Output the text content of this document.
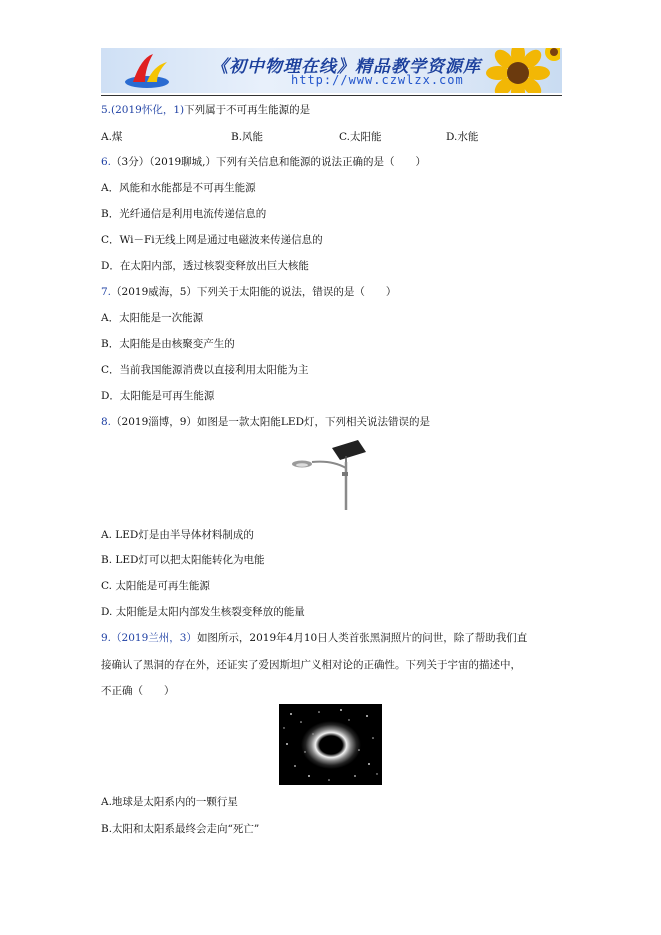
《初中物理在线》精品教学资源库
http://www.czwlzx.com
5.(2019怀化，1)下列属于不可再生能源的是
A.煤	B.风能	C.太阳能	D.水能
6.（3分）（2019聊城,）下列有关信息和能源的说法正确的是（　　）
A．风能和水能都是不可再生能源
B．光纤通信是利用电流传递信息的
C．Wi－Fi无线上网是通过电磁波来传递信息的
D．在太阳内部，透过核裂变释放出巨大核能
7.（2019威海，5）下列关于太阳能的说法，错误的是（　　）
A．太阳能是一次能源
B．太阳能是由核聚变产生的
C．当前我国能源消费以直接利用太阳能为主
D．太阳能是可再生能源
8.（2019淄博，9）如图是一款太阳能LED灯，下列相关说法错误的是
A. LED灯是由半导体材料制成的
B. LED灯可以把太阳能转化为电能
C. 太阳能是可再生能源
D. 太阳能是太阳内部发生核裂变释放的能量
9.（2019兰州，3）如图所示，2019年4月10日人类首张黑洞照片的问世，除了帮助我们直
接确认了黑洞的存在外，还证实了爱因斯坦广义相对论的正确性。下列关于宇宙的描述中，
不正确（　　）
A.地球是太阳系内的一颗行星
B.太阳和太阳系最终会走向“死亡”
